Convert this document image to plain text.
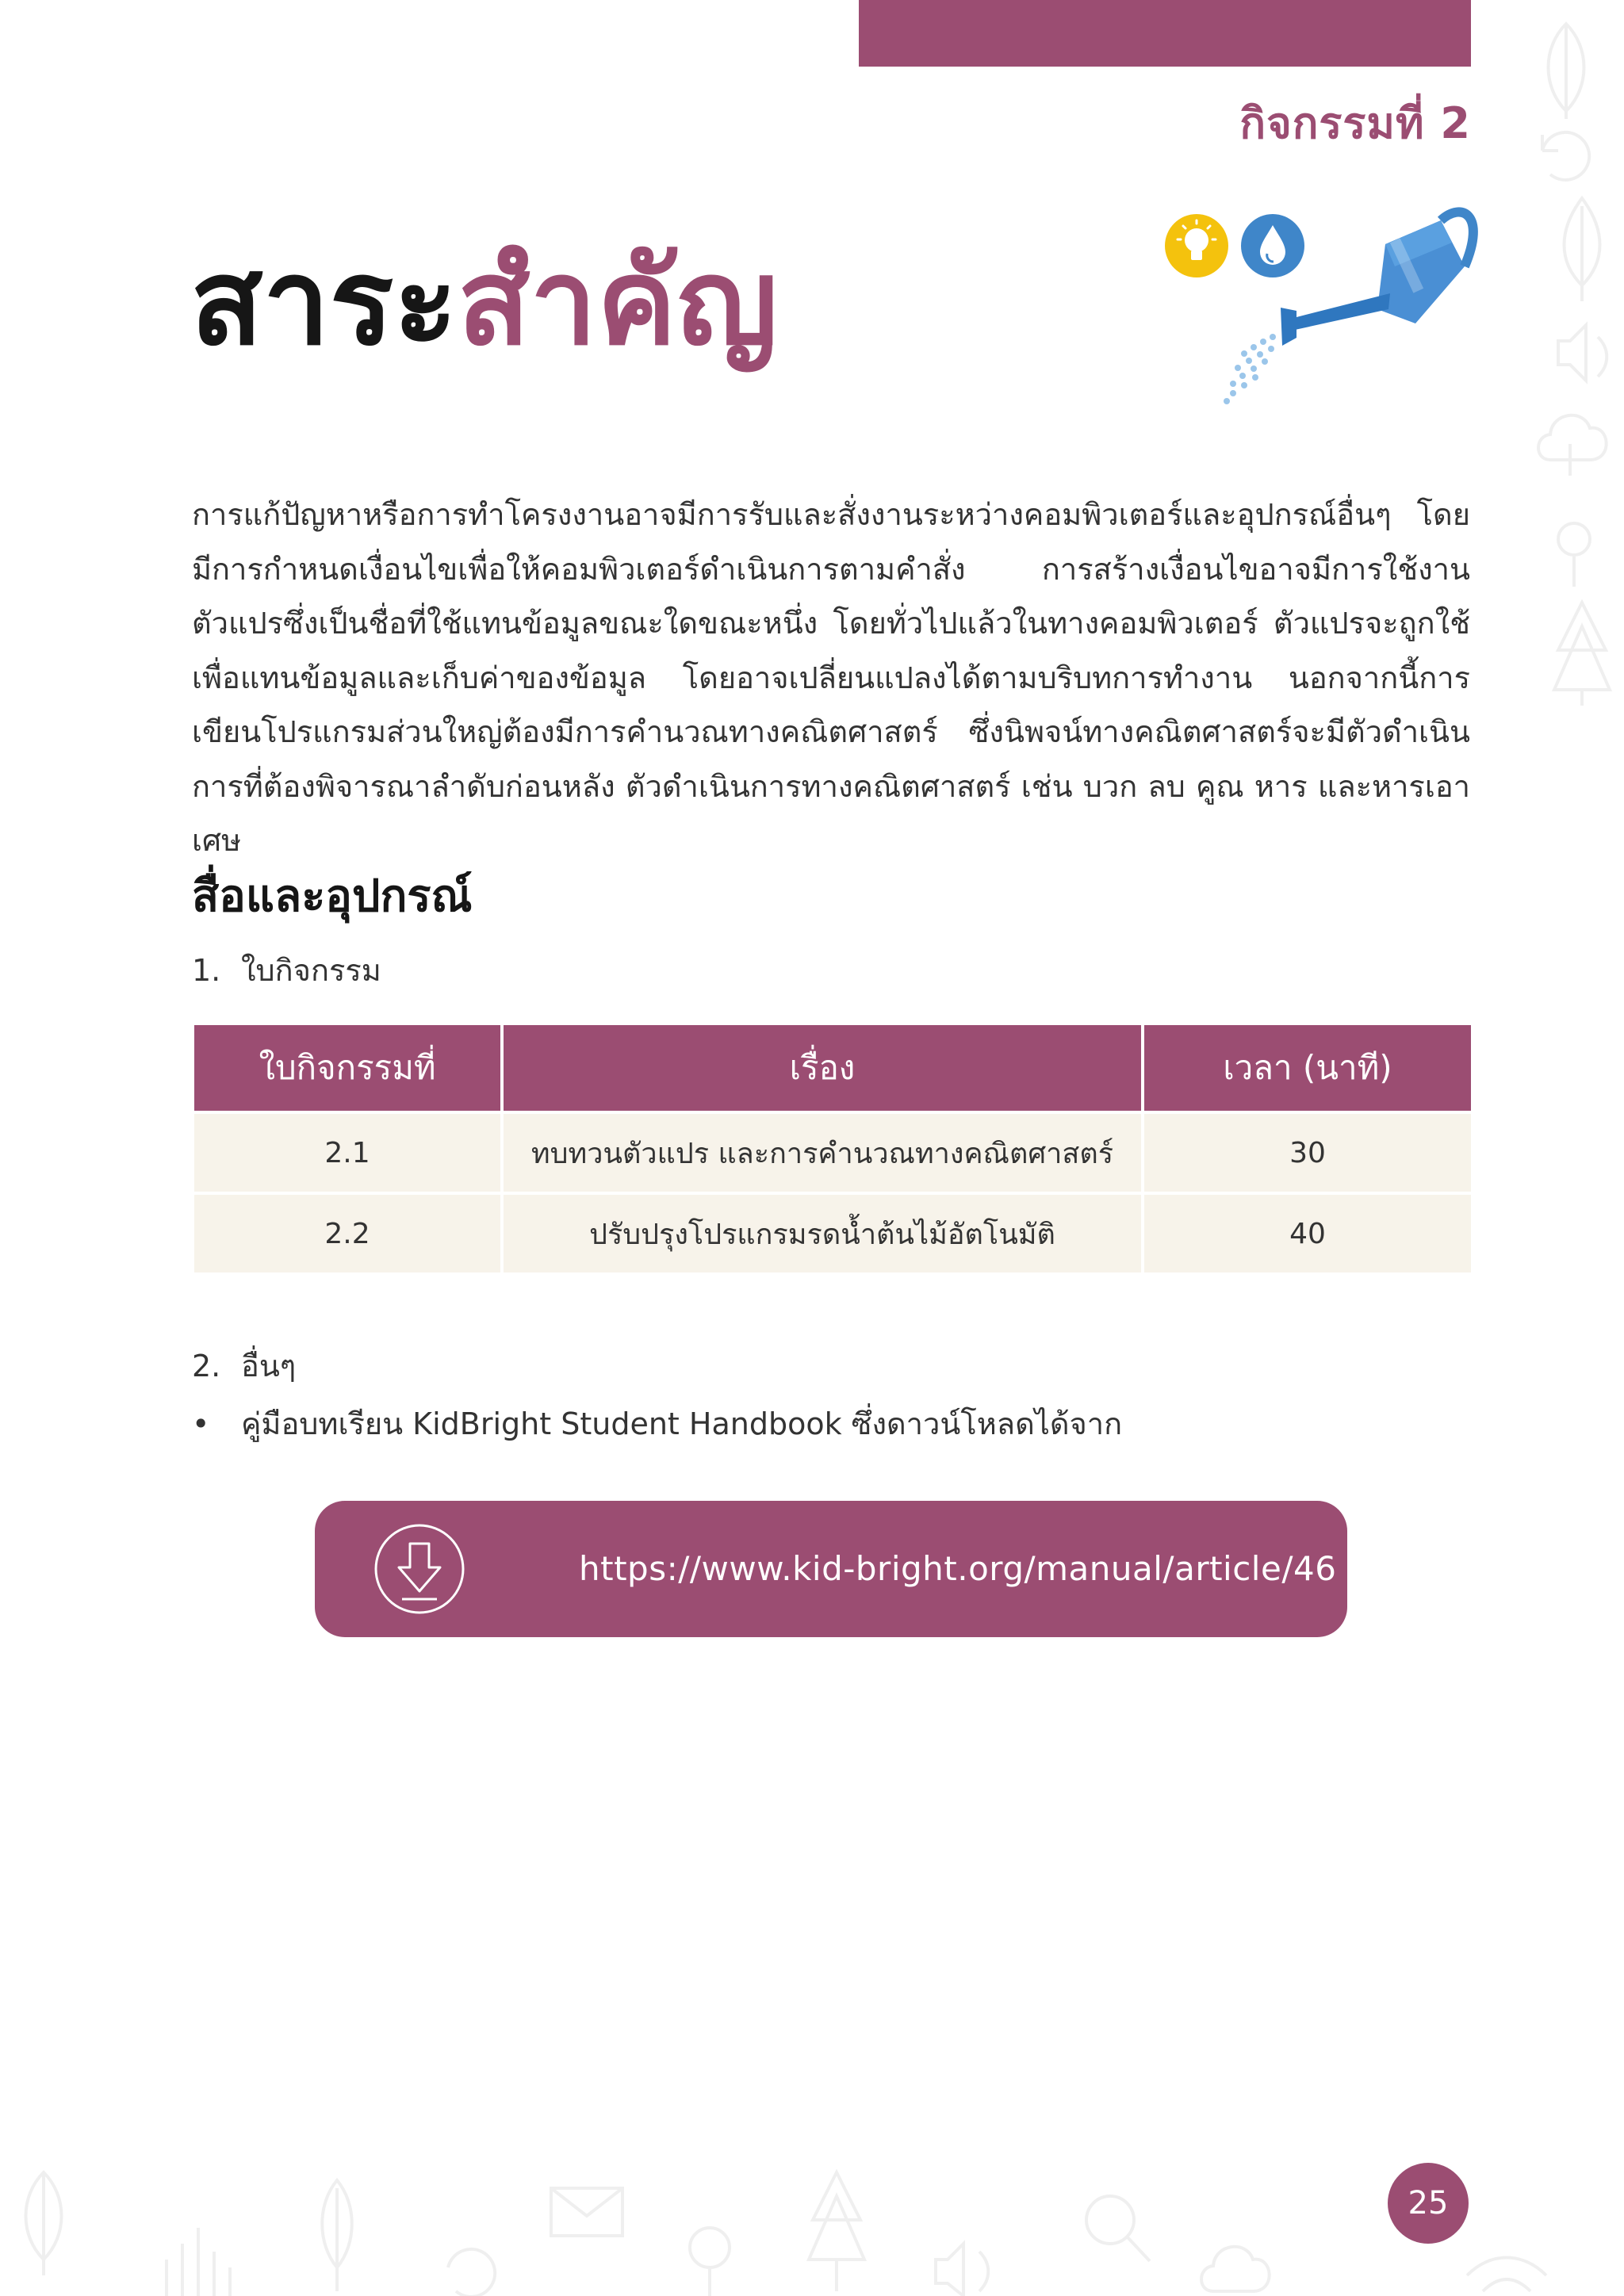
กิจกรรมที่ 2
สาระสำคัญ

การแก้ปัญหาหรือการทำโครงงานอาจมีการรับและสั่งงานระหว่างคอมพิวเตอร์และอุปกรณ์อื่นๆ โดยมีการกำหนดเงื่อนไขเพื่อให้คอมพิวเตอร์ดำเนินการตามคำสั่ง การสร้างเงื่อนไขอาจมีการใช้งานตัวแปรซึ่งเป็นชื่อที่ใช้แทนข้อมูลขณะใดขณะหนึ่ง โดยทั่วไปแล้วในทางคอมพิวเตอร์ ตัวแปรจะถูกใช้เพื่อแทนข้อมูลและเก็บค่าของข้อมูล โดยอาจเปลี่ยนแปลงได้ตามบริบทการทำงาน นอกจากนี้การเขียนโปรแกรมส่วนใหญ่ต้องมีการคำนวณทางคณิตศาสตร์ ซึ่งนิพจน์ทางคณิตศาสตร์จะมีตัวดำเนินการที่ต้องพิจารณาลำดับก่อนหลัง ตัวดำเนินการทางคณิตศาสตร์ เช่น บวก ลบ คูณ หาร และหารเอาเศษ

สื่อและอุปกรณ์
1. ใบกิจกรรม
ใบกิจกรรมที่	เรื่อง	เวลา (นาที)
2.1	ทบทวนตัวแปร และการคำนวณทางคณิตศาสตร์	30
2.2	ปรับปรุงโปรแกรมรดน้ำต้นไม้อัตโนมัติ	40
2. อื่นๆ
• คู่มือบทเรียน KidBright Student Handbook ซึ่งดาวน์โหลดได้จาก
https://www.kid-bright.org/manual/article/46
25
